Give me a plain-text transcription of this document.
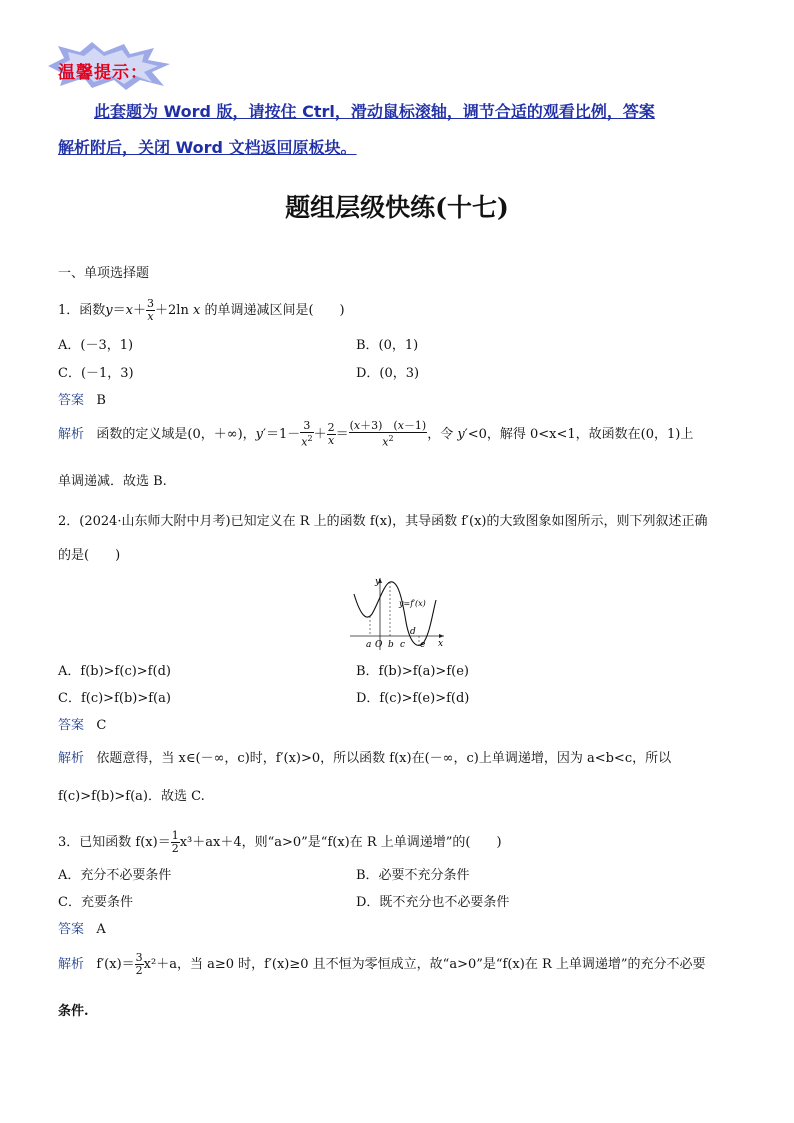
温馨提示：
此套题为 Word 版，请按住 Ctrl，滑动鼠标滚轴，调节合适的观看比例，答案
解析附后，关闭 Word 文档返回原板块。
题组层级快练(十七)
一、单项选择题
1．函数$y=x+ \frac{3}{x} +2\ln$ x 的单调递减区间是(　　)
A．(－3，1)	B．(0，1)
C．(－1，3)	D．(0，3)
答案 B
解析 函数的定义域是(0，＋∞)，$y'=1- \frac{3}{x^2} + \frac{2}{x} = \frac{(x+3) (x-1)}{x^2}$ ，令 y′<0，解得 0<x<1，故函数在(0，1)上
单调递减．故选 B.
2．(2024·山东师大附中月考)已知定义在 R 上的函数 f(x)，其导函数 f′(x)的大致图象如图所示，则下列叙述正确
的是(　　)
y
x
y=f′(x)
a O b c e
d
A．f(b)>f(c)>f(d)	B．f(b)>f(a)>f(e)
C．f(c)>f(b)>f(a)	D．f(c)>f(e)>f(d)
答案 C
解析 依题意得，当 x∈(－∞，c)时，f′(x)>0，所以函数 f(x)在(－∞，c)上单调递增，因为 a<b<c，所以
f(c)>f(b)>f(a)．故选 C.
3．已知函数 $f(x)= \frac{1}{2} x^3+ax+4$，则“a>0”是“f(x)在 R 上单调递增”的(　　)
A．充分不必要条件	B．必要不充分条件
C．充要条件	D．既不充分也不必要条件
答案 A
解析 $f'(x)= \frac{3}{2} x^2+a$，当 a≥0 时，f′(x)≥0 且不恒为零恒成立，故“a>0”是“f(x)在 R 上单调递增”的充分不必要
条件.
